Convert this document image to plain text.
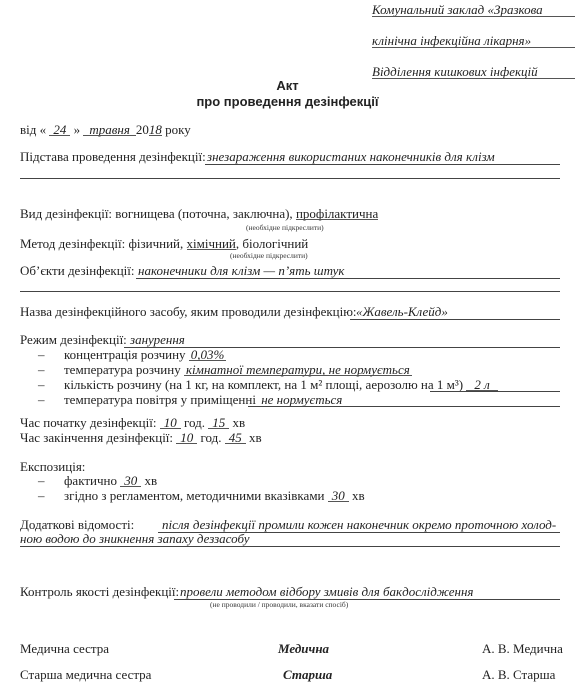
Комунальний заклад «Зразкова
клінічна інфекційна лікарня»
Відділення кишкових інфекцій
Акт
про проведення дезінфекції
від « 24 » травня 2018 року
Підстава проведення дезінфекції: знезараження використаних наконечників для клізм
Вид дезінфекції: вогнищева (поточна, заключна), профілактична
(необхідне підкреслити)
Метод дезінфекції: фізичний, хімічний, біологічний
(необхідне підкреслити)
Об’єкти дезінфекції: наконечники для клізм — п’ять штук
Назва дезінфекційного засобу, яким проводили дезінфекцію: «Жавель-Клейд»
Режим дезінфекції: занурення
– концентрація розчину 0,03%
– температура розчину кімнатної температури, не нормується
– кількість розчину (на 1 кг, на комплект, на 1 м² площі, аерозолю на 1 м³) 2 л
– температура повітря у приміщенні не нормується
Час початку дезінфекції: 10 год. 15 хв
Час закінчення дезінфекції: 10 год. 45 хв
Експозиція:
– фактично 30 хв
– згідно з регламентом, методичними вказівками 30 хв
Додаткові відомості: після дезінфекції промили кожен наконечник окремо проточною холод-
ною водою до зникнення запаху деззасобу
Контроль якості дезінфекції: провели методом відбору змивів для бакдослідження
(не проводили / проводили, вказати спосіб)
Медична сестра	Медична	А. В. Медична
Старша медична сестра	Старша	А. В. Старша
